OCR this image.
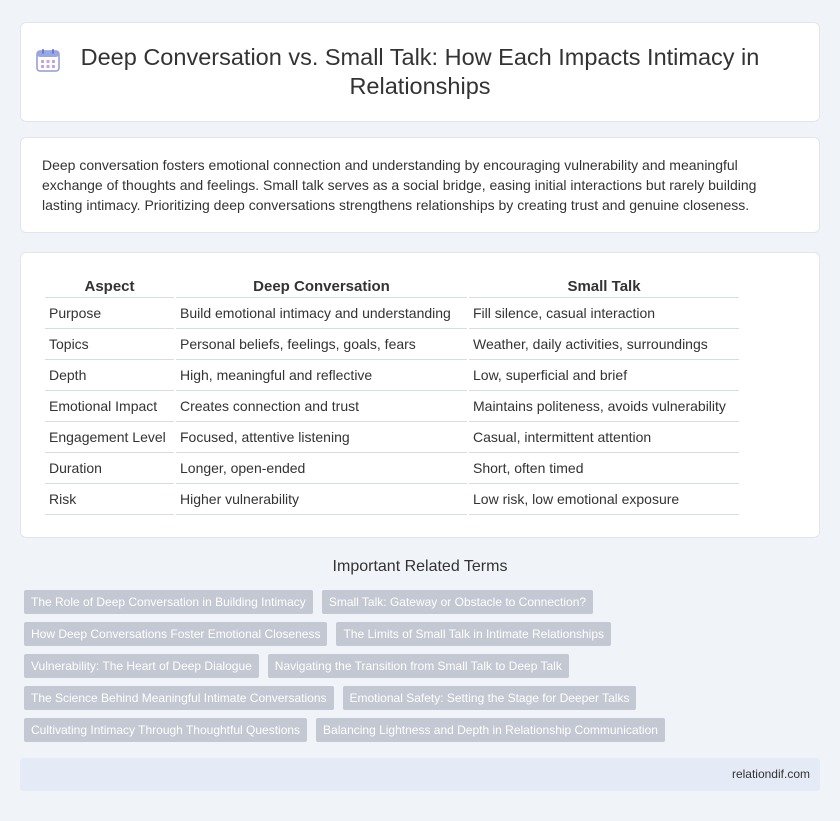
Deep Conversation vs. Small Talk: How Each Impacts Intimacy in Relationships
Deep conversation fosters emotional connection and understanding by encouraging vulnerability and meaningful exchange of thoughts and feelings. Small talk serves as a social bridge, easing initial interactions but rarely building lasting intimacy. Prioritizing deep conversations strengthens relationships by creating trust and genuine closeness.
Aspect	Deep Conversation	Small Talk
Purpose	Build emotional intimacy and understanding	Fill silence, casual interaction
Topics	Personal beliefs, feelings, goals, fears	Weather, daily activities, surroundings
Depth	High, meaningful and reflective	Low, superficial and brief
Emotional Impact	Creates connection and trust	Maintains politeness, avoids vulnerability
Engagement Level	Focused, attentive listening	Casual, intermittent attention
Duration	Longer, open-ended	Short, often timed
Risk	Higher vulnerability	Low risk, low emotional exposure
Important Related Terms
The Role of Deep Conversation in Building Intimacy	Small Talk: Gateway or Obstacle to Connection?
How Deep Conversations Foster Emotional Closeness	The Limits of Small Talk in Intimate Relationships
Vulnerability: The Heart of Deep Dialogue	Navigating the Transition from Small Talk to Deep Talk
The Science Behind Meaningful Intimate Conversations	Emotional Safety: Setting the Stage for Deeper Talks
Cultivating Intimacy Through Thoughtful Questions	Balancing Lightness and Depth in Relationship Communication
relationdif.com
